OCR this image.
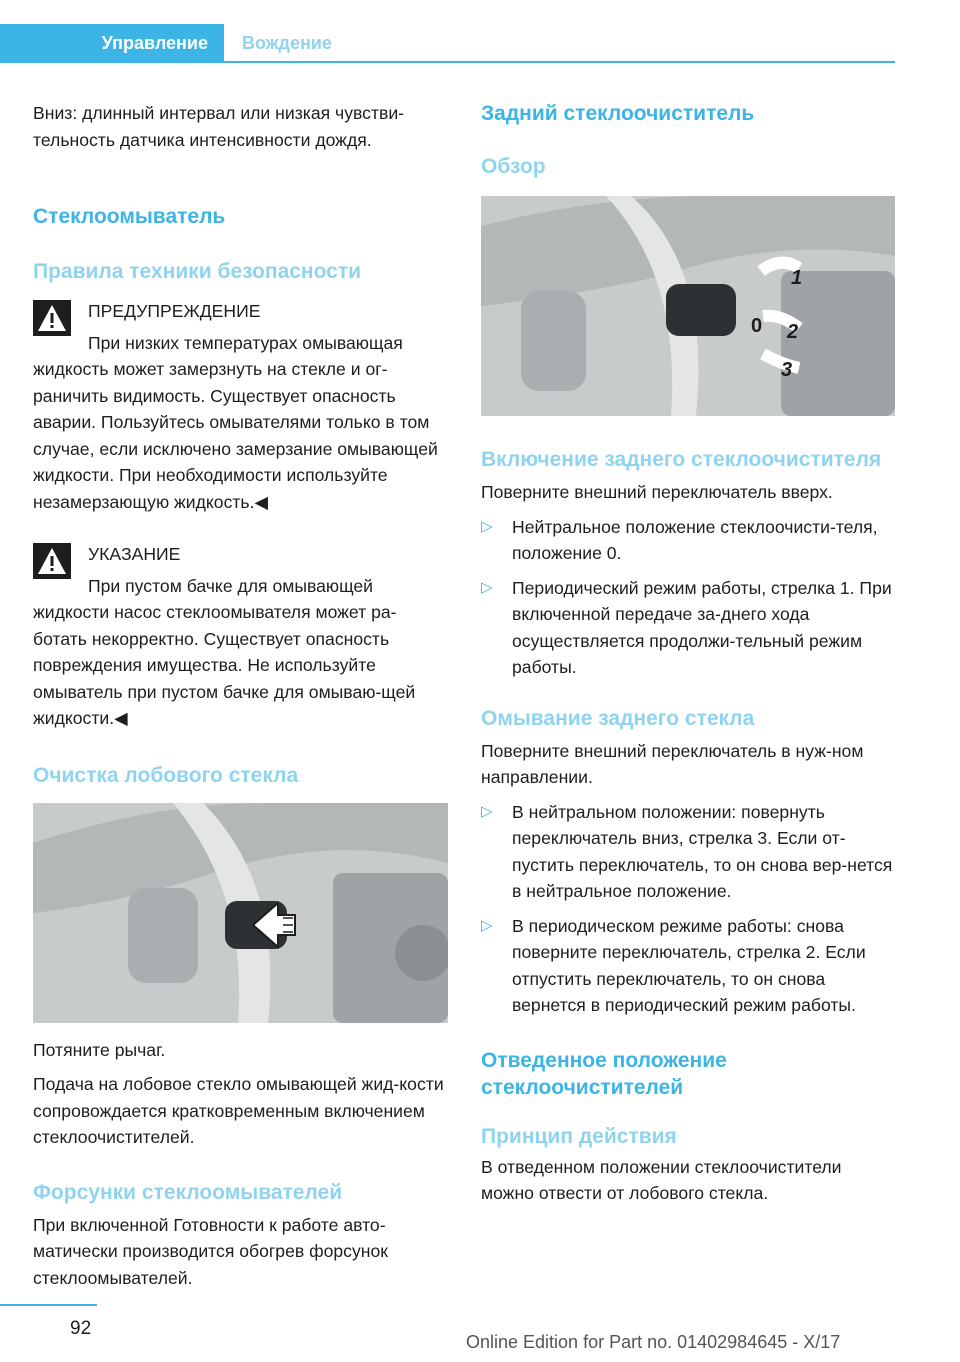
Управление	Вождение

Вниз: длинный интервал или низкая чувстви-тельность датчика интенсивности дождя.

Стеклоомыватель
Правила техники безопасности

ПРЕДУПРЕЖДЕНИЕ

При низких температурах омывающая

жидкость может замерзнуть на стекле и ог-раничить видимость. Существует опасность аварии. Пользуйтесь омывателями только в том случае, если исключено замерзание омывающей жидкости. При необходимости используйте незамерзающую жидкость.◀

УКАЗАНИЕ

При пустом бачке для омывающей

жидкости насос стеклоомывателя может ра-ботать некорректно. Существует опасность повреждения имущества. Не используйте омыватель при пустом бачке для омываю-щей жидкости.◀

Очистка лобового стекла

Потяните рычаг.

Подача на лобовое стекло омывающей жид-кости сопровождается кратковременным включением стеклоочистителей.

Форсунки стеклоомывателей

При включенной Готовности к работе авто-матически производится обогрев форсунок стеклоомывателей.

Задний стеклоочиститель
Обзор
1
0 2
3
Включение заднего стеклоочистителя

Поверните внешний переключатель вверх.

▷ Нейтральное положение стеклоочисти-теля, положение 0.
▷ Периодический режим работы, стрелка 1. При включенной передаче за-днего хода осуществляется продолжи-тельный режим работы.
Омывание заднего стекла

Поверните внешний переключатель в нуж-ном направлении.

▷ В нейтральном положении: повернуть переключатель вниз, стрелка 3. Если от-пустить переключатель, то он снова вер-нется в нейтральное положение.
▷ В периодическом режиме работы: снова поверните переключатель, стрелка 2. Если отпустить переключатель, то он снова вернется в периодический режим работы.
Отведенное положение стеклоочистителей
Принцип действия

В отведенном положении стеклоочистители можно отвести от лобового стекла.

92
Online Edition for Part no. 01402984645 - X/17
